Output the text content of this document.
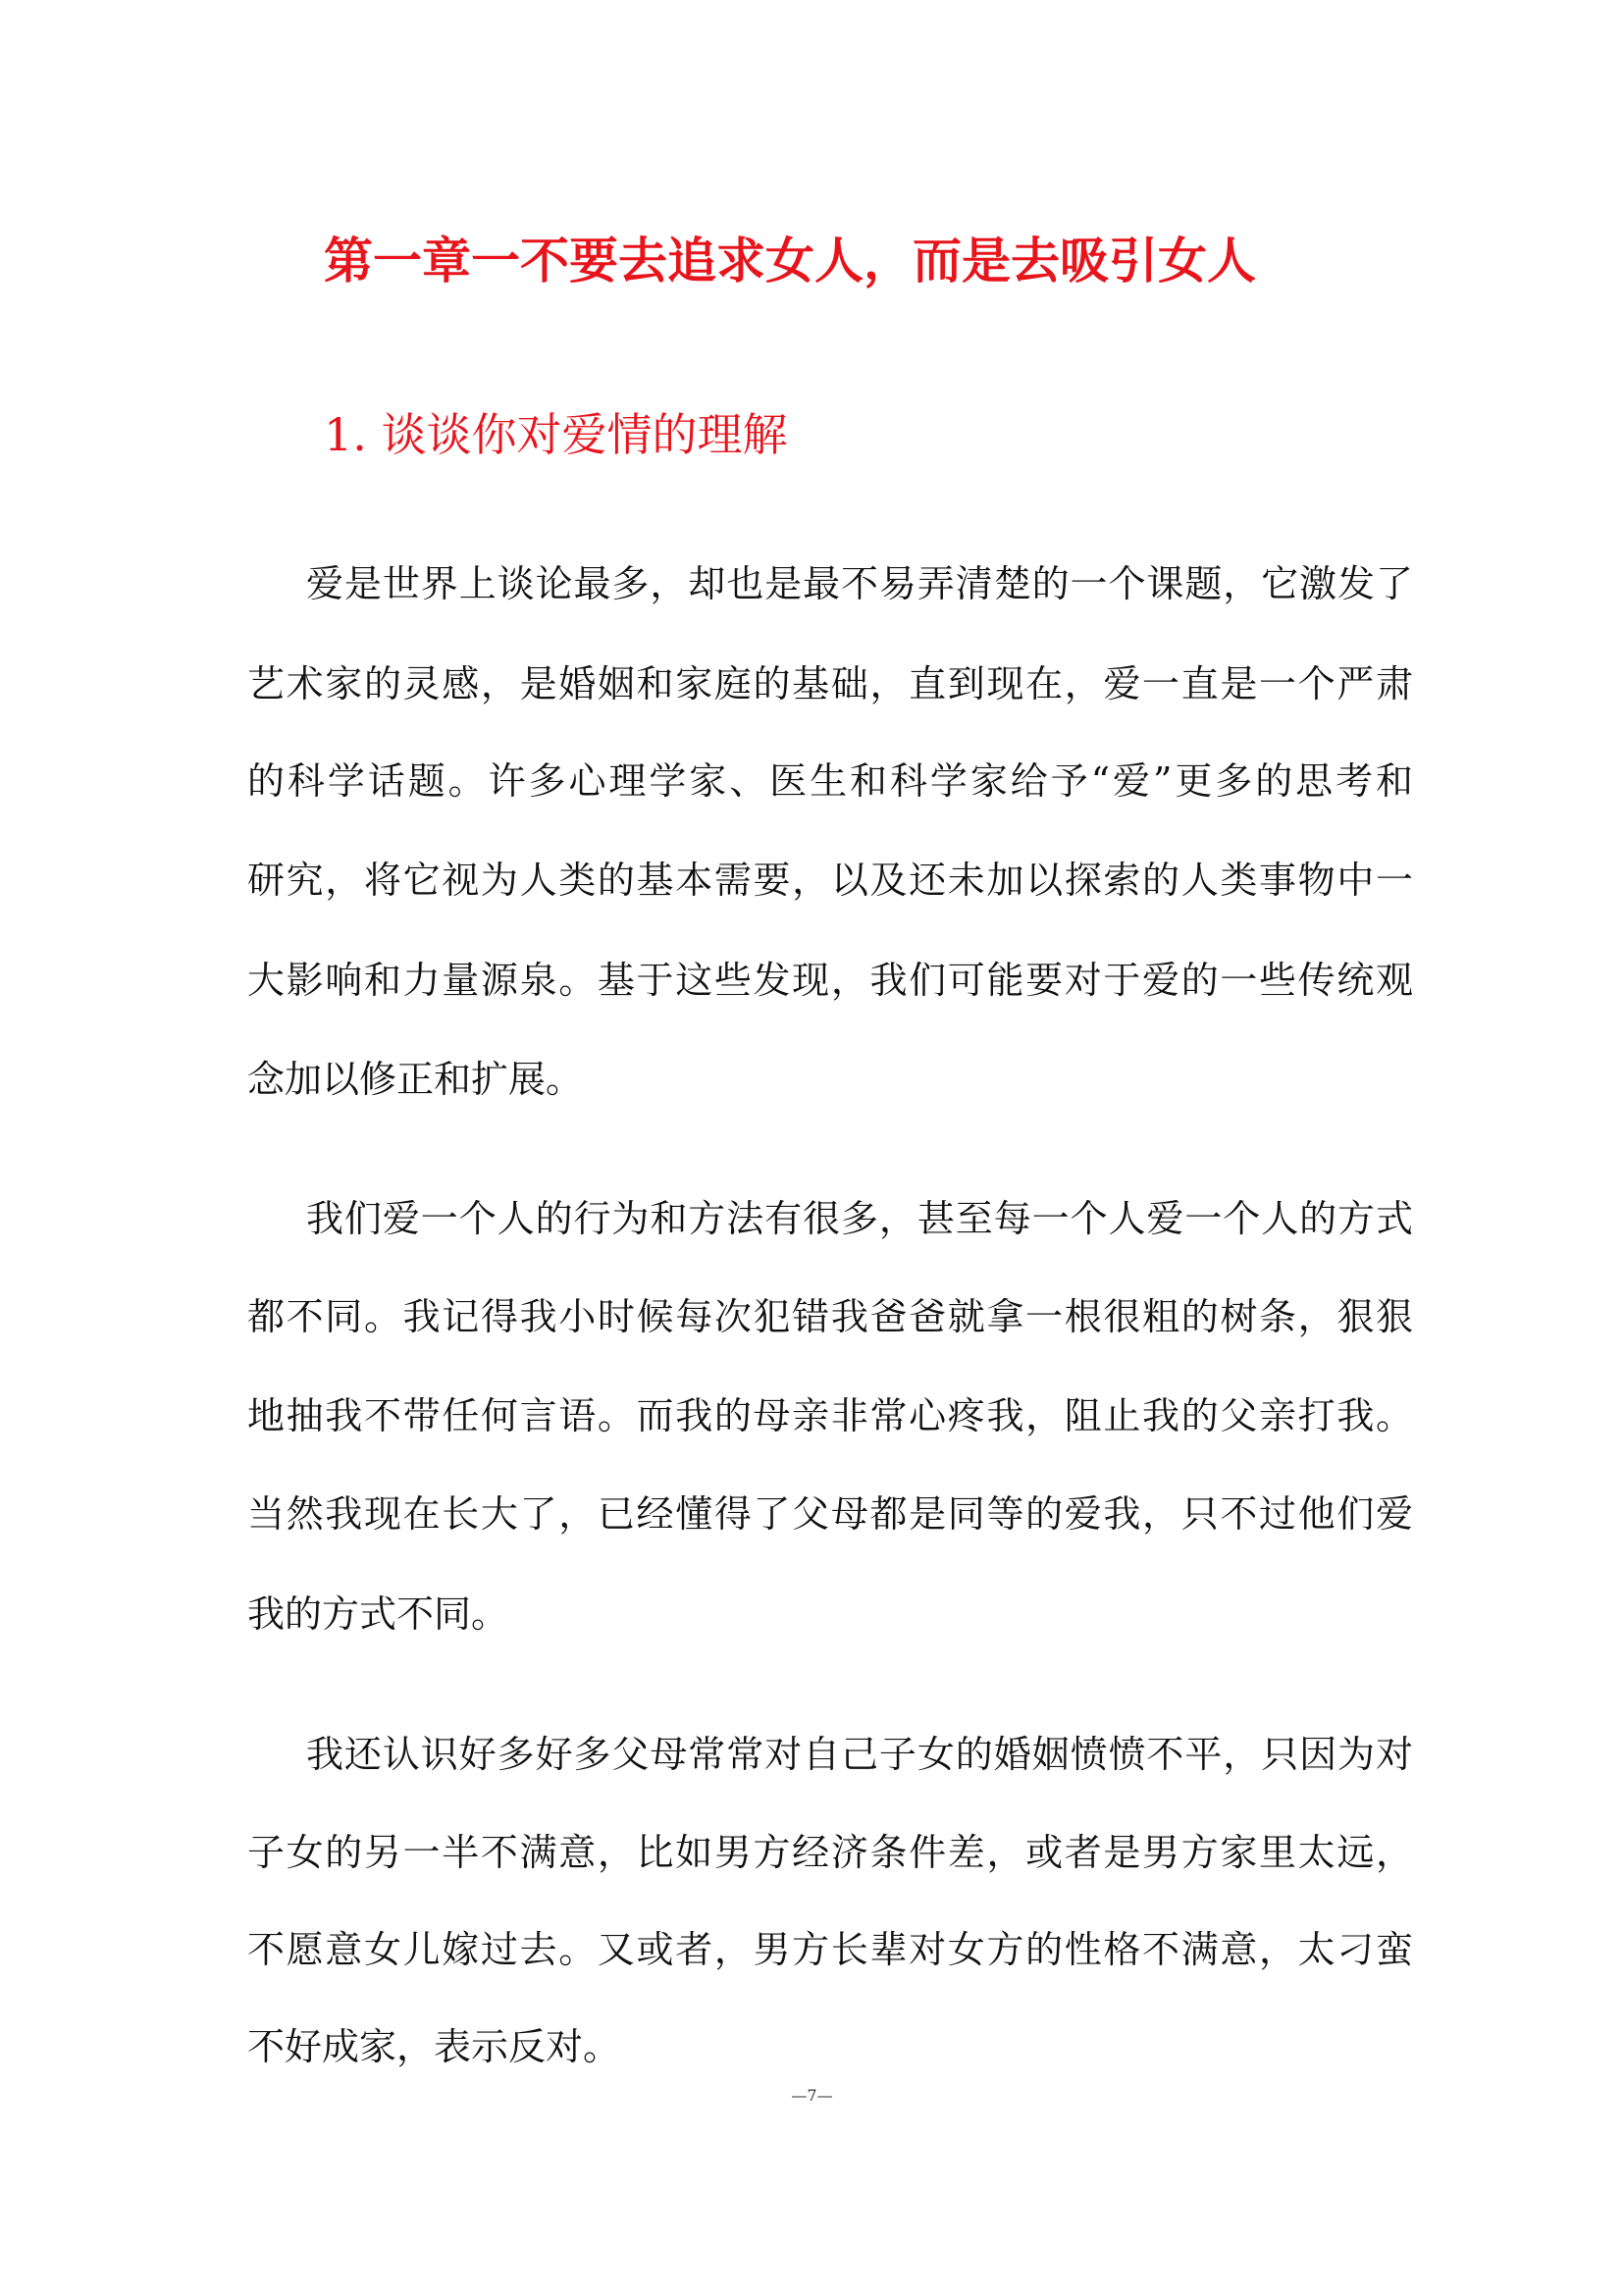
第一章一不要去追求女人，而是去吸引女人
1. 谈谈你对爱情的理解
爱是世界上谈论最多，却也是最不易弄清楚的一个课题，它激发了
艺术家的灵感，是婚姻和家庭的基础，直到现在，爱一直是一个严肃
的科学话题。许多心理学家、医生和科学家给予“爱”更多的思考和
研究，将它视为人类的基本需要，以及还未加以探索的人类事物中一
大影响和力量源泉。基于这些发现，我们可能要对于爱的一些传统观
念加以修正和扩展。
我们爱一个人的行为和方法有很多，甚至每一个人爱一个人的方式
都不同。我记得我小时候每次犯错我爸爸就拿一根很粗的树条，狠狠
地抽我不带任何言语。而我的母亲非常心疼我，阻止我的父亲打我。
当然我现在长大了，已经懂得了父母都是同等的爱我，只不过他们爱
我的方式不同。
我还认识好多好多父母常常对自己子女的婚姻愤愤不平，只因为对
子女的另一半不满意，比如男方经济条件差，或者是男方家里太远，
不愿意女儿嫁过去。又或者，男方长辈对女方的性格不满意，太刁蛮
不好成家，表示反对。
—7—
